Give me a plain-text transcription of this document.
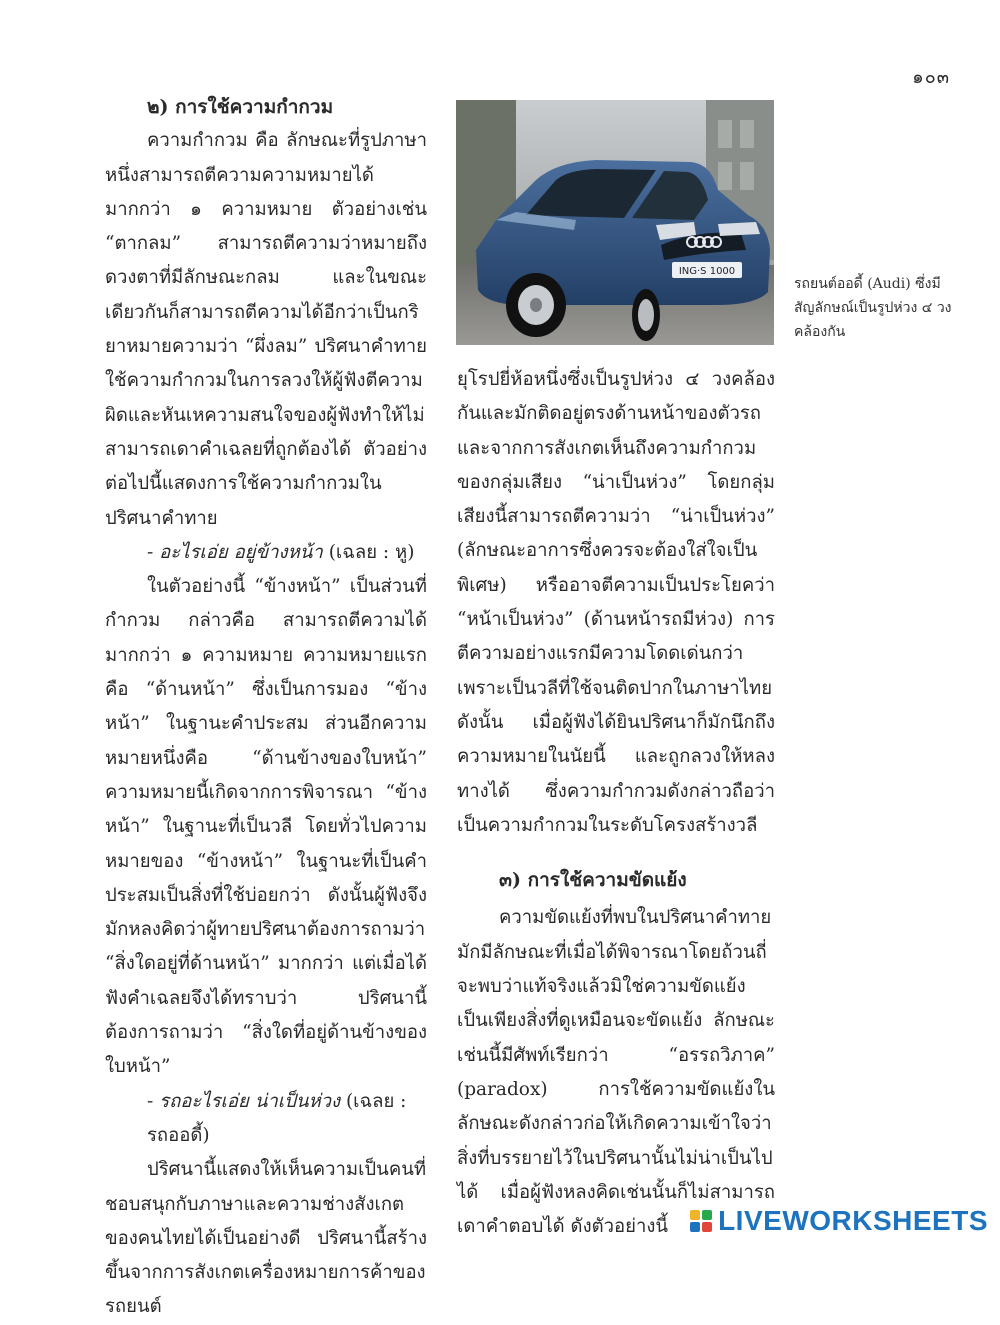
๑๐๓

๒) การใช้ความกำกวม

ความกำกวม คือ ลักษณะที่รูปภาษาหนึ่งสามารถตีความความหมายได้มากกว่า ๑ ความหมาย ตัวอย่างเช่น “ตากลม” สามารถตีความว่าหมายถึง ดวงตาที่มีลักษณะกลม และในขณะเดียวกันก็สามารถตีความได้อีกว่าเป็นกริยาหมายความว่า “ผึ่งลม” ปริศนาคำทายใช้ความกำกวมในการลวงให้ผู้ฟังตีความผิดและหันเหความสนใจของผู้ฟังทำให้ไม่สามารถเดาคำเฉลยที่ถูกต้องได้ ตัวอย่างต่อไปนี้แสดงการใช้ความกำกวมในปริศนาคำทาย

- อะไรเอ่ย อยู่ข้างหน้า (เฉลย : หู)

ในตัวอย่างนี้ “ข้างหน้า” เป็นส่วนที่กำกวม กล่าวคือ สามารถตีความได้มากกว่า ๑ ความหมาย ความหมายแรกคือ “ด้านหน้า” ซึ่งเป็นการมอง “ข้างหน้า” ในฐานะคำประสม ส่วนอีกความหมายหนึ่งคือ “ด้านข้างของใบหน้า” ความหมายนี้เกิดจากการพิจารณา “ข้างหน้า” ในฐานะที่เป็นวลี โดยทั่วไปความหมายของ “ข้างหน้า” ในฐานะที่เป็นคำประสมเป็นสิ่งที่ใช้บ่อยกว่า ดังนั้นผู้ฟังจึงมักหลงคิดว่าผู้ทายปริศนาต้องการถามว่า “สิ่งใดอยู่ที่ด้านหน้า” มากกว่า แต่เมื่อได้ฟังคำเฉลยจึงได้ทราบว่า ปริศนานี้ต้องการถามว่า “สิ่งใดที่อยู่ด้านข้างของใบหน้า”

- รถอะไรเอ่ย น่าเป็นห่วง (เฉลย : รถออดี้)

ปริศนานี้แสดงให้เห็นความเป็นคนที่ชอบสนุกกับภาษาและความช่างสังเกตของคนไทยได้เป็นอย่างดี ปริศนานี้สร้างขึ้นจากการสังเกตเครื่องหมายการค้าของรถยนต์

ING·S 1000
รถยนต์ออดี้ (Audi) ซึ่งมีสัญลักษณ์เป็นรูปห่วง ๔ วงคล้องกัน

ยุโรปยี่ห้อหนึ่งซึ่งเป็นรูปห่วง ๔ วงคล้องกันและมักติดอยู่ตรงด้านหน้าของตัวรถ และจากการสังเกตเห็นถึงความกำกวมของกลุ่มเสียง “น่าเป็นห่วง” โดยกลุ่มเสียงนี้สามารถตีความว่า “น่าเป็นห่วง” (ลักษณะอาการซึ่งควรจะต้องใส่ใจเป็นพิเศษ) หรืออาจตีความเป็นประโยคว่า “หน้าเป็นห่วง” (ด้านหน้ารถมีห่วง) การตีความอย่างแรกมีความโดดเด่นกว่า เพราะเป็นวลีที่ใช้จนติดปากในภาษาไทย ดังนั้น เมื่อผู้ฟังได้ยินปริศนาก็มักนึกถึงความหมายในนัยนี้ และถูกลวงให้หลงทางได้ ซึ่งความกำกวมดังกล่าวถือว่าเป็นความกำกวมในระดับโครงสร้างวลี

๓) การใช้ความขัดแย้ง

ความขัดแย้งที่พบในปริศนาคำทายมักมีลักษณะที่เมื่อได้พิจารณาโดยถ้วนถี่จะพบว่าแท้จริงแล้วมิใช่ความขัดแย้ง เป็นเพียงสิ่งที่ดูเหมือนจะขัดแย้ง ลักษณะเช่นนี้มีศัพท์เรียกว่า “อรรถวิภาค” (paradox) การใช้ความขัดแย้งในลักษณะดังกล่าวก่อให้เกิดความเข้าใจว่า สิ่งที่บรรยายไว้ในปริศนานั้นไม่น่าเป็นไปได้ เมื่อผู้ฟังหลงคิดเช่นนั้นก็ไม่สามารถเดาคำตอบได้ ดังตัวอย่างนี้	LIVEWORKSHEETS
